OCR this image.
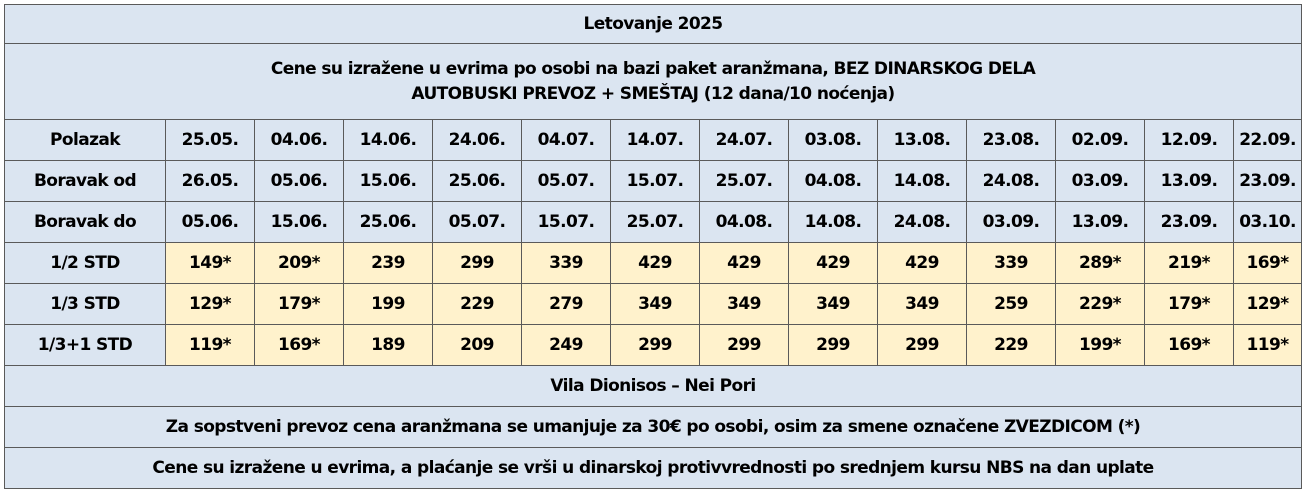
Letovanje 2025													

Cene su izražene u evrima po osobi na bazi paket aranžmana, BEZ DINARSKOG DELA
AUTOBUSKI PREVOZ + SMEŠTAJ (12 dana/10 noćenja)													

Polazak	25.05.	04.06.	14.06.	24.06.	04.07.	14.07.	24.07.	03.08.	13.08.	23.08.	02.09.	12.09.	22.09.
Boravak od	26.05.	05.06.	15.06.	25.06.	05.07.	15.07.	25.07.	04.08.	14.08.	24.08.	03.09.	13.09.	23.09.
Boravak do	05.06.	15.06.	25.06.	05.07.	15.07.	25.07.	04.08.	14.08.	24.08.	03.09.	13.09.	23.09.	03.10.
1/2 STD	149*	209*	239	299	339	429	429	429	429	339	289*	219*	169*
1/3 STD	129*	179*	199	229	279	349	349	349	349	259	229*	179*	129*
1/3+1 STD	119*	169*	189	209	249	299	299	299	299	229	199*	169*	119*
Vila Dionisos – Nei Pori													
Za sopstveni prevoz cena aranžmana se umanjuje za 30€ po osobi, osim za smene označene ZVEZDICOM (*)													
Cene su izražene u evrima, a plaćanje se vrši u dinarskoj protivvrednosti po srednjem kursu NBS na dan uplate													
